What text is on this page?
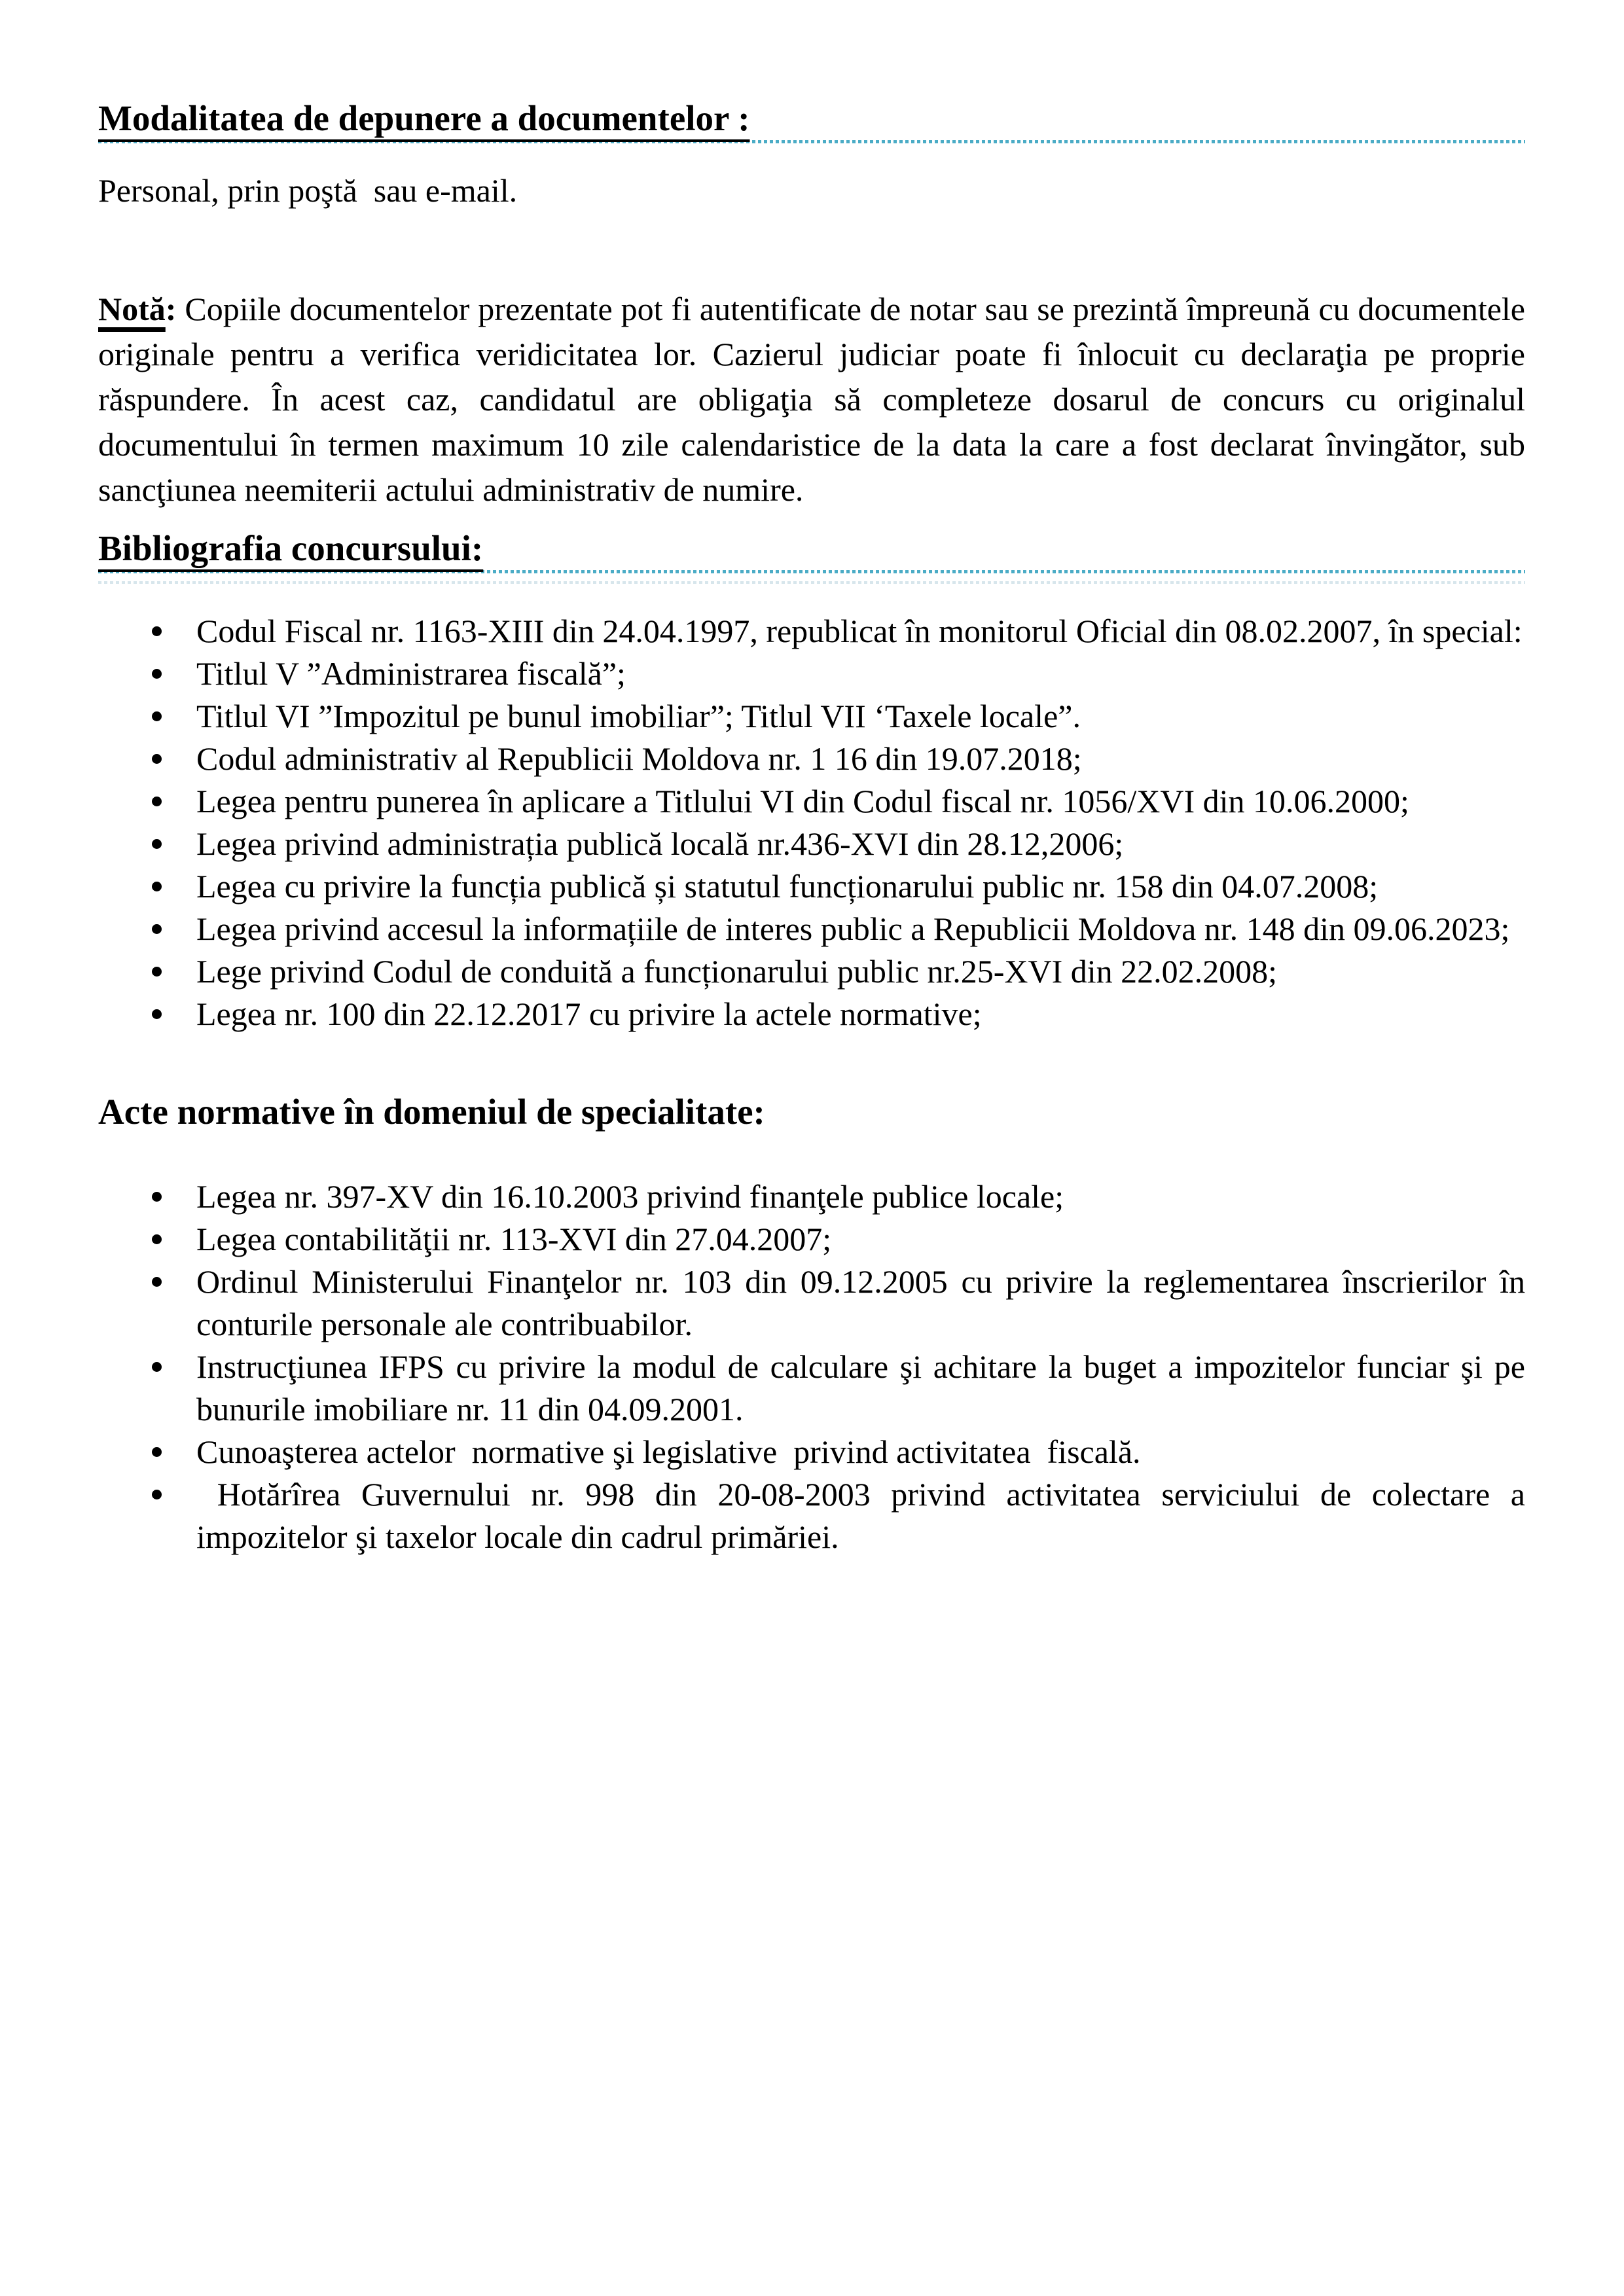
Modalitatea de depunere a documentelor :

Personal, prin poştă  sau e-mail.

Notă: Copiile documentelor prezentate pot fi autentificate de notar sau se prezintă împreună cu documentele originale pentru a verifica veridicitatea lor. Cazierul judiciar poate fi înlocuit cu declaraţia pe proprie răspundere. În acest caz, candidatul are obligaţia să completeze dosarul de concurs cu originalul documentului în termen maximum 10 zile calendaristice de la data la care a fost declarat învingător, sub sancţiunea neemiterii actului administrativ de numire.

Bibliografia concursului:
Codul Fiscal nr. 1163-XIII din 24.04.1997, republicat în monitorul Oficial din 08.02.2007, în special:
Titlul V ”Administrarea fiscală”;
Titlul VI ”Impozitul pe bunul imobiliar”; Titlul VII ‘Taxele locale”.
Codul administrativ al Republicii Moldova nr. 1 16 din 19.07.2018;
Legea pentru punerea în aplicare a Titlului VI din Codul fiscal nr. 1056/XVI din 10.06.2000;
Legea privind administrația publică locală nr.436-XVI din 28.12,2006;
Legea cu privire la funcția publică și statutul funcționarului public nr. 158 din 04.07.2008;
Legea privind accesul la informațiile de interes public a Republicii Moldova nr. 148 din 09.06.2023;
Lege privind Codul de conduită a funcționarului public nr.25-XVI din 22.02.2008;
Legea nr. 100 din 22.12.2017 cu privire la actele normative;
Acte normative în domeniul de specialitate:
Legea nr. 397-XV din 16.10.2003 privind finanţele publice locale;
Legea contabilităţii nr. 113-XVI din 27.04.2007;
Ordinul Ministerului Finanţelor nr. 103 din 09.12.2005 cu privire la reglementarea înscrierilor în conturile personale ale contribuabilor.
Instrucţiunea IFPS cu privire la modul de calculare şi achitare la buget a impozitelor funciar şi pe bunurile imobiliare nr. 11 din 04.09.2001.
Cunoaşterea actelor  normative şi legislative  privind activitatea  fiscală.
Hotărîrea Guvernului nr. 998 din 20-08-2003 privind activitatea serviciului de colectare a impozitelor şi taxelor locale din cadrul primăriei.
